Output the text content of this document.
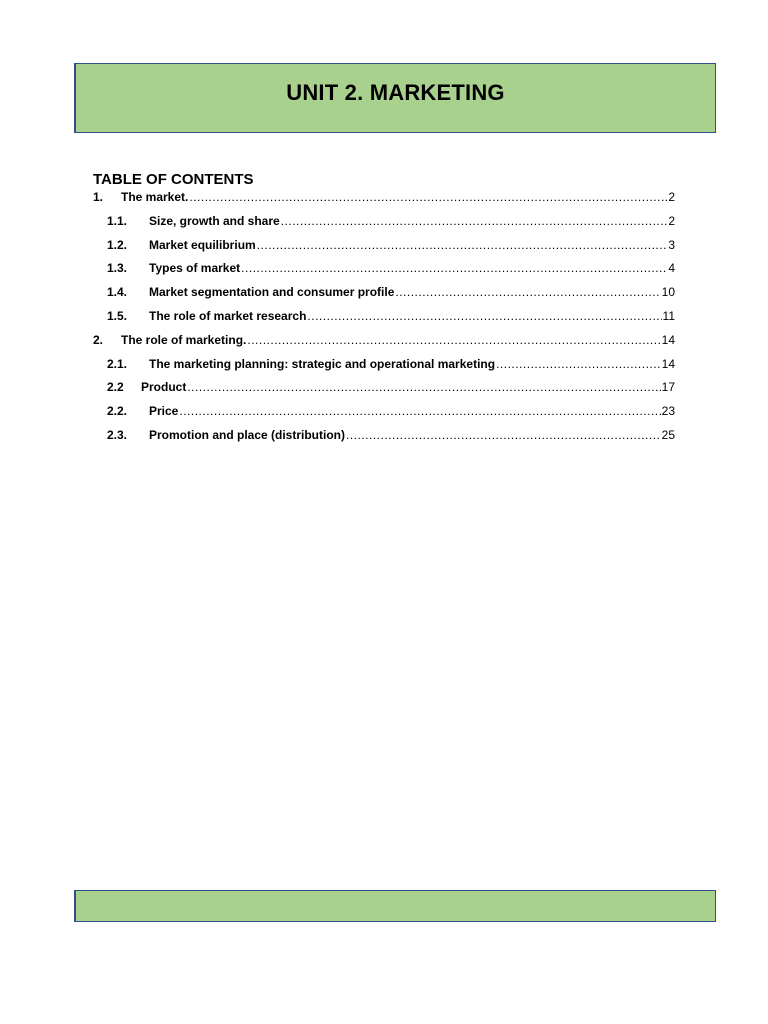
UNIT 2. MARKETING
TABLE OF CONTENTS
1.	The market. .....	2
1.1.	Size, growth and share .....	2
1.2.	Market equilibrium .....	3
1.3.	Types of market .....	4
1.4.	Market segmentation and consumer profile .....	10
1.5.	The role of market research .....	11
2.	The role of marketing. .....	14
2.1.	The marketing planning: strategic and operational marketing .....	14
2.2	Product .....	17
2.2.	Price .....	23
2.3.	Promotion and place (distribution) .....	25
